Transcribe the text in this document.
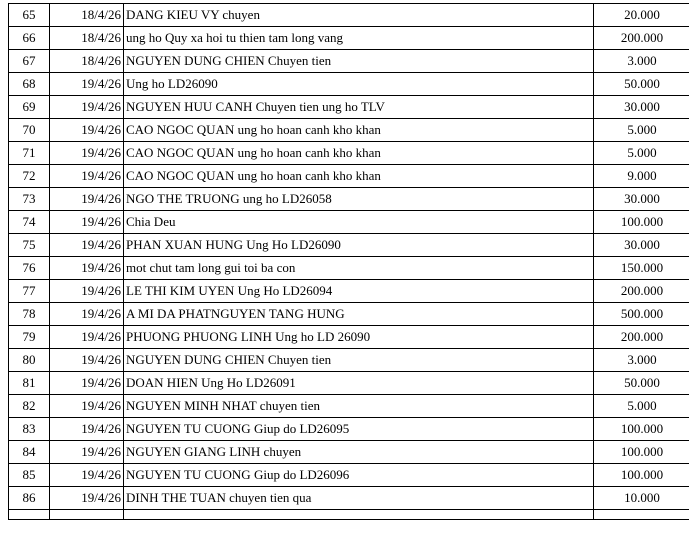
65	18/4/26	DANG KIEU VY chuyen	20.000
66	18/4/26	ung ho Quy xa hoi tu thien tam long vang	200.000
67	18/4/26	NGUYEN DUNG CHIEN Chuyen tien	3.000
68	19/4/26	Ung ho LD26090	50.000
69	19/4/26	NGUYEN HUU CANH Chuyen tien ung ho TLV	30.000
70	19/4/26	CAO NGOC QUAN ung ho hoan canh kho khan	5.000
71	19/4/26	CAO NGOC QUAN ung ho hoan canh kho khan	5.000
72	19/4/26	CAO NGOC QUAN ung ho hoan canh kho khan	9.000
73	19/4/26	NGO THE TRUONG ung ho LD26058	30.000
74	19/4/26	Chia Deu	100.000
75	19/4/26	PHAN XUAN HUNG Ung Ho LD26090	30.000
76	19/4/26	mot chut tam long gui toi ba con	150.000
77	19/4/26	LE THI KIM UYEN Ung Ho LD26094	200.000
78	19/4/26	A MI DA PHATNGUYEN TANG HUNG	500.000
79	19/4/26	PHUONG PHUONG LINH Ung ho LD 26090	200.000
80	19/4/26	NGUYEN DUNG CHIEN Chuyen tien	3.000
81	19/4/26	DOAN HIEN Ung Ho LD26091	50.000
82	19/4/26	NGUYEN MINH NHAT chuyen tien	5.000
83	19/4/26	NGUYEN TU CUONG Giup do LD26095	100.000
84	19/4/26	NGUYEN GIANG LINH chuyen	100.000
85	19/4/26	NGUYEN TU CUONG Giup do LD26096	100.000
86	19/4/26	DINH THE TUAN chuyen tien qua	10.000
